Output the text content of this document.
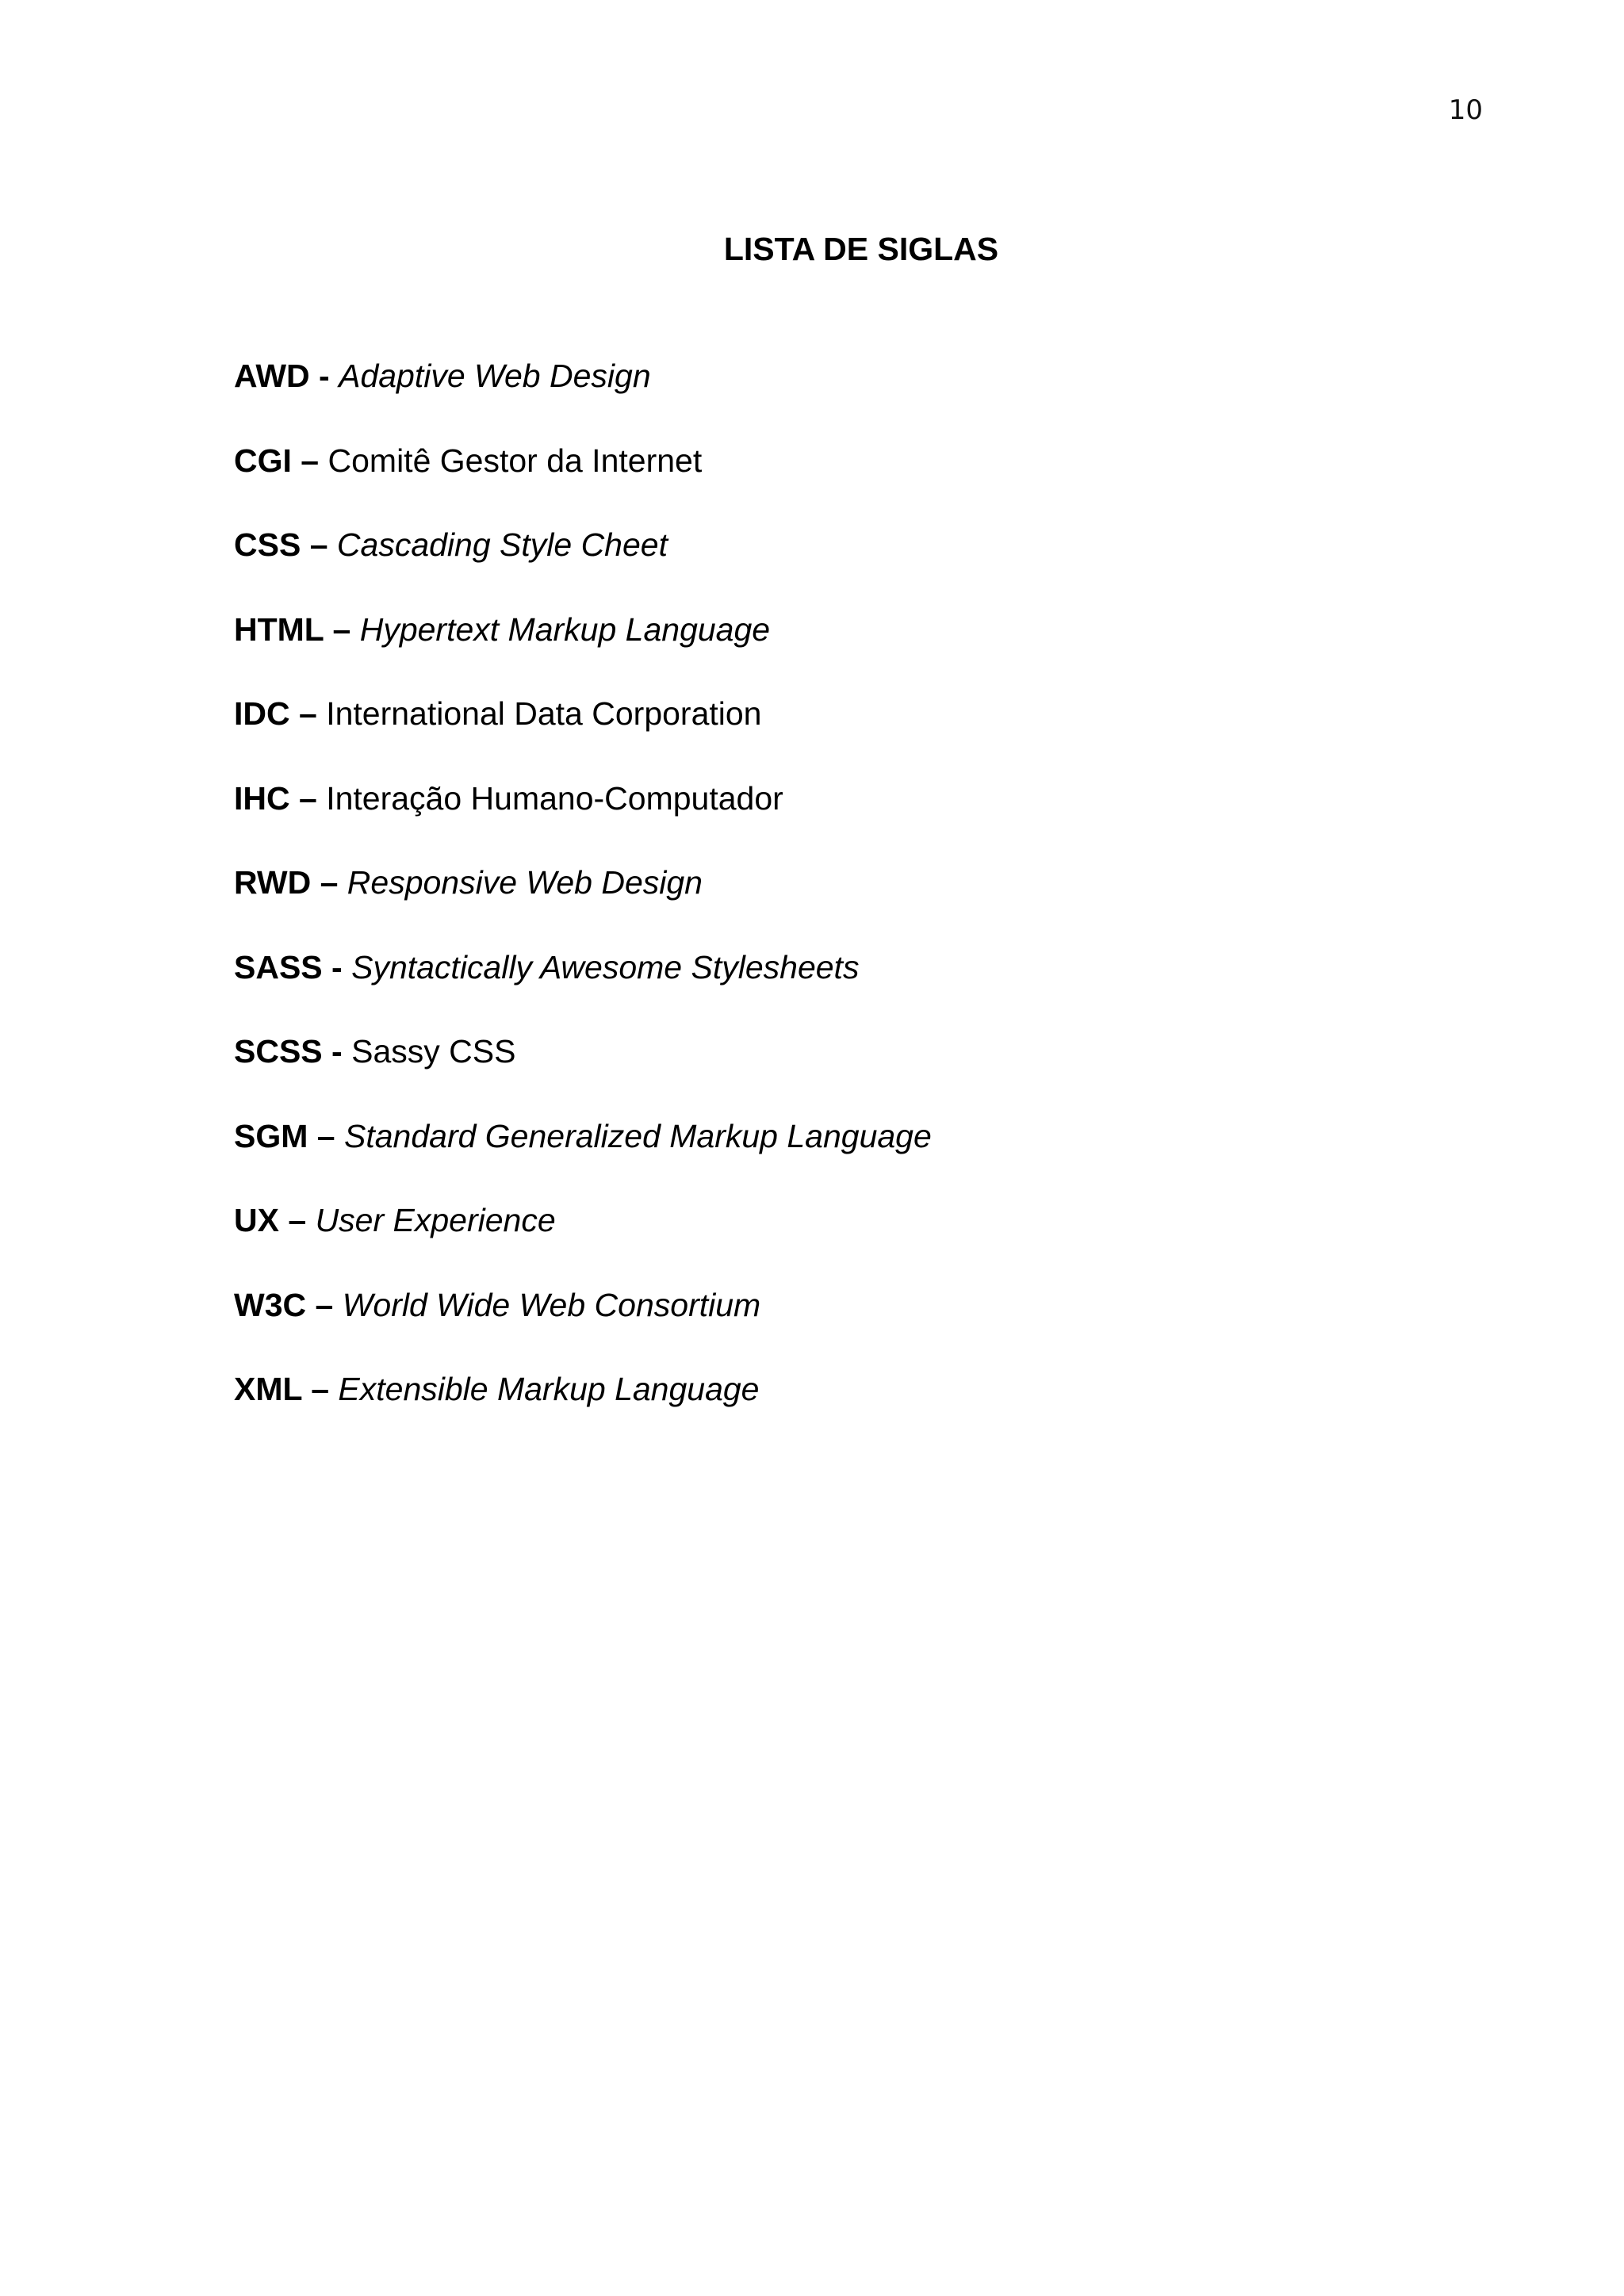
10
LISTA DE SIGLAS
AWD - Adaptive Web Design
CGI – Comitê Gestor da Internet
CSS – Cascading Style Cheet
HTML – Hypertext Markup Language
IDC – International Data Corporation
IHC – Interação Humano-Computador
RWD – Responsive Web Design
SASS - Syntactically Awesome Stylesheets
SCSS - Sassy CSS
SGM – Standard Generalized Markup Language
UX – User Experience
W3C – World Wide Web Consortium
XML – Extensible Markup Language
